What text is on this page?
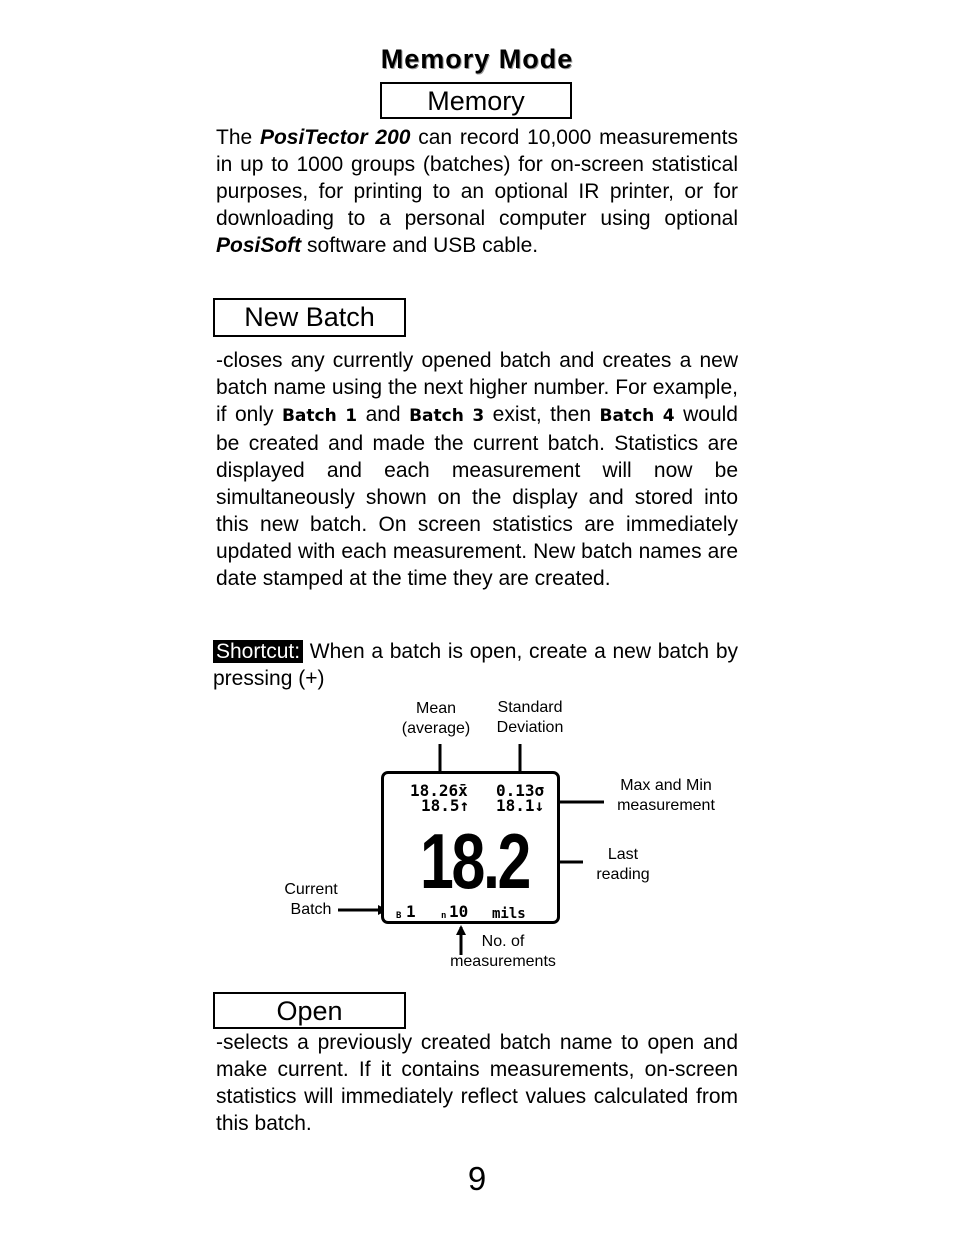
Memory Mode
Memory

The PosiTector 200 can record 10,000 measurements in up to 1000 groups (batches) for on-screen statistical purposes, for printing to an optional IR printer, or for downloading to a personal computer using optional PosiSoft software and USB cable.

New Batch

-closes any currently opened batch and creates a new batch name using the next higher number. For example, if only Batch 1 and Batch 3 exist, then Batch 4 would be created and made the current batch. Statistics are displayed and each measurement will now be simultaneously shown on the display and stored into this new batch. On screen statistics are immediately updated with each measurement. New batch names are date stamped at the time they are created.

Shortcut: When a batch is open, create a new batch by pressing (+)

Mean (average)
Standard Deviation
Max and Min measurement
Last reading
Current Batch
No. of measurements
18.26x̄ 0.13σ
18.5↑ 18.1↓
18.2
B 1	n 10 mils
Open

-selects a previously created batch name to open and make current. If it contains measurements, on-screen statistics will immediately reflect values calculated from this batch.

9
